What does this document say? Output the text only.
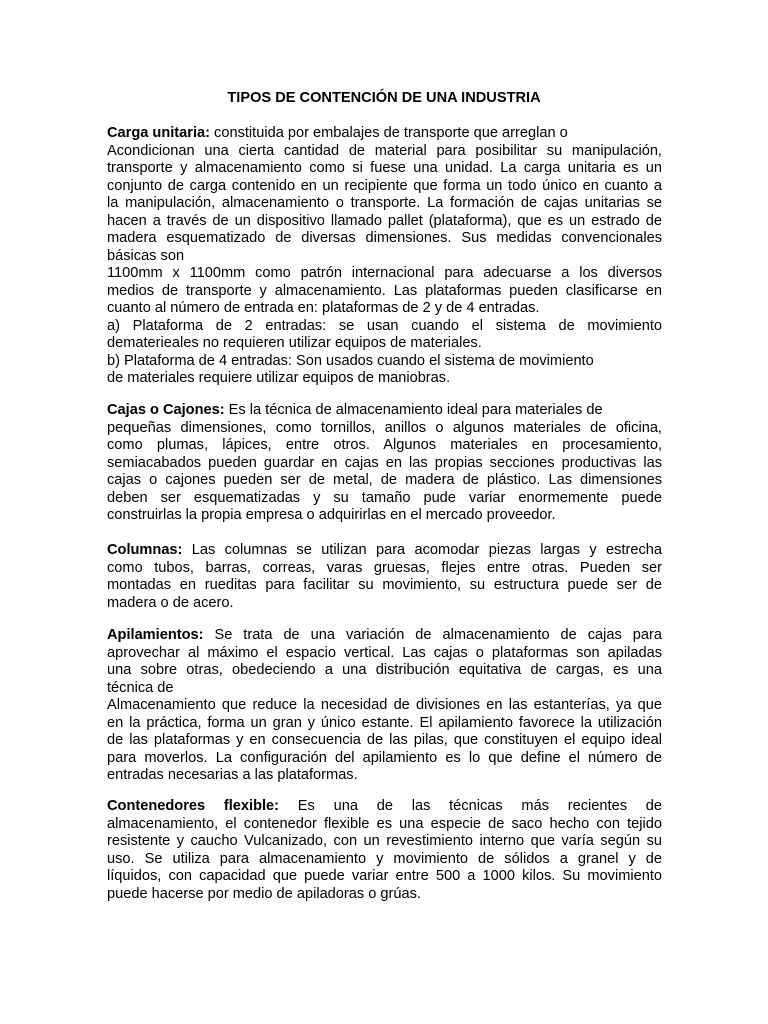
TIPOS DE CONTENCIÓN DE UNA INDUSTRIA
Carga unitaria: constituida por embalajes de transporte que arreglan o
Acondicionan una cierta cantidad de material para posibilitar su manipulación,
transporte y almacenamiento como si fuese una unidad. La carga unitaria es un
conjunto de carga contenido en un recipiente que forma un todo único en cuanto a
la manipulación, almacenamiento o transporte. La formación de cajas unitarias se
hacen a través de un dispositivo llamado pallet (plataforma), que es un estrado de
madera esquematizado de diversas dimensiones. Sus medidas convencionales
básicas son
1100mm x 1100mm como patrón internacional para adecuarse a los diversos
medios de transporte y almacenamiento. Las plataformas pueden clasificarse en
cuanto al número de entrada en: plataformas de 2 y de 4 entradas.
a) Plataforma de 2 entradas: se usan cuando el sistema de movimiento
dematerieales no requieren utilizar equipos de materiales.
b) Plataforma de 4 entradas: Son usados cuando el sistema de movimiento
de materiales requiere utilizar equipos de maniobras.
Cajas o Cajones: Es la técnica de almacenamiento ideal para materiales de
pequeñas dimensiones, como tornillos, anillos o algunos materiales de oficina,
como plumas, lápices, entre otros. Algunos materiales en procesamiento,
semiacabados pueden guardar en cajas en las propias secciones productivas las
cajas o cajones pueden ser de metal, de madera de plástico. Las dimensiones
deben ser esquematizadas y su tamaño pude variar enormemente puede
construirlas la propia empresa o adquirirlas en el mercado proveedor.
Columnas: Las columnas se utilizan para acomodar piezas largas y estrecha
como tubos, barras, correas, varas gruesas, flejes entre otras. Pueden ser
montadas en rueditas para facilitar su movimiento, su estructura puede ser de
madera o de acero.
Apilamientos: Se trata de una variación de almacenamiento de cajas para
aprovechar al máximo el espacio vertical. Las cajas o plataformas son apiladas
una sobre otras, obedeciendo a una distribución equitativa de cargas, es una
técnica de
Almacenamiento que reduce la necesidad de divisiones en las estanterías, ya que
en la práctica, forma un gran y único estante. El apilamiento favorece la utilización
de las plataformas y en consecuencia de las pilas, que constituyen el equipo ideal
para moverlos. La configuración del apilamiento es lo que define el número de
entradas necesarias a las plataformas.
Contenedores flexible: Es una de las técnicas más recientes de
almacenamiento, el contenedor flexible es una especie de saco hecho con tejido
resistente y caucho Vulcanizado, con un revestimiento interno que varía según su
uso. Se utiliza para almacenamiento y movimiento de sólidos a granel y de
líquidos, con capacidad que puede variar entre 500 a 1000 kilos. Su movimiento
puede hacerse por medio de apiladoras o grúas.
